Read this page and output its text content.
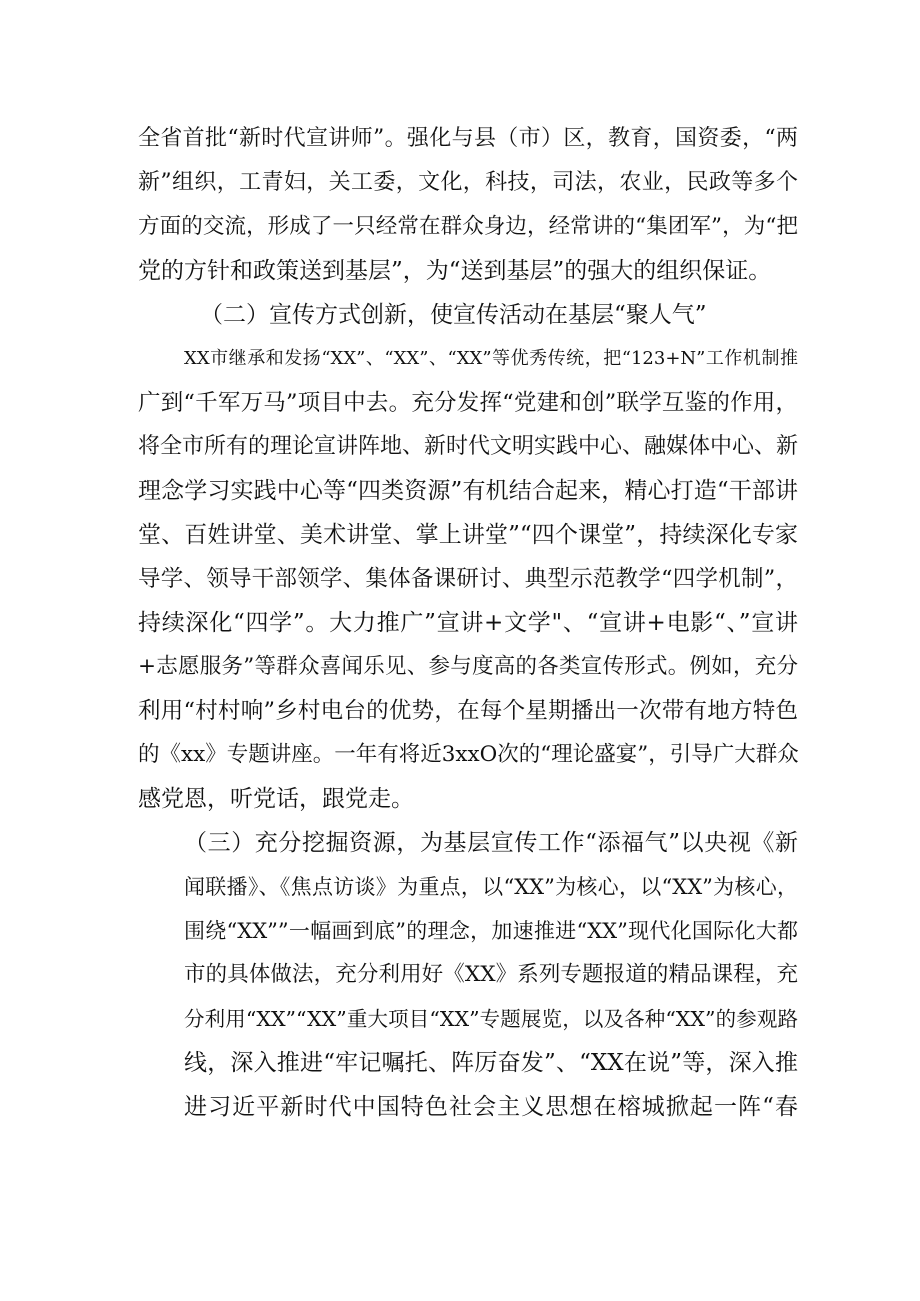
全省首批“新时代宣讲师”。强化与县（市）区，教育，国资委，“两
新”组织，工青妇，关工委，文化，科技，司法，农业，民政等多个
方面的交流，形成了一只经常在群众身边，经常讲的“集团军”，为“把
党的方针和政策送到基层”，为“送到基层”的强大的组织保证。
（二）宣传方式创新，使宣传活动在基层“聚人气”
XX市继承和发扬“XX”、“XX”、“XX”等优秀传统，把“123+N”工作机制推
广到“千军万马”项目中去。充分发挥“党建和创”联学互鉴的作用，
将全市所有的理论宣讲阵地、新时代文明实践中心、融媒体中心、新
理念学习实践中心等“四类资源”有机结合起来，精心打造“干部讲
堂、百姓讲堂、美术讲堂、掌上讲堂”“四个课堂”，持续深化专家
导学、领导干部领学、集体备课研讨、典型示范教学“四学机制”，
持续深化“四学”。大力推广”宣讲+文学"、“宣讲+电影“、”宣讲
+志愿服务”等群众喜闻乐见、参与度高的各类宣传形式。例如，充分
利用“村村响”乡村电台的优势，在每个星期播出一次带有地方特色
的《xx》专题讲座。一年有将近3xxO次的“理论盛宴”，引导广大群众
感党恩，听党话，跟党走。
（三）充分挖掘资源，为基层宣传工作“添福气”以央视《新
闻联播》、《焦点访谈》为重点，以“XX”为核心，以“XX”为核心，
围绕“XX””一幅画到底”的理念，加速推进“XX”现代化国际化大都
市的具体做法，充分利用好《XX》系列专题报道的精品课程，充
分利用“XX”“XX”重大项目“XX”专题展览，以及各种“XX”的参观路
线，深入推进“牢记嘱托、阵厉奋发”、“XX在说”等，深入推
进习近平新时代中国特色社会主义思想在榕城掀起一阵“春
